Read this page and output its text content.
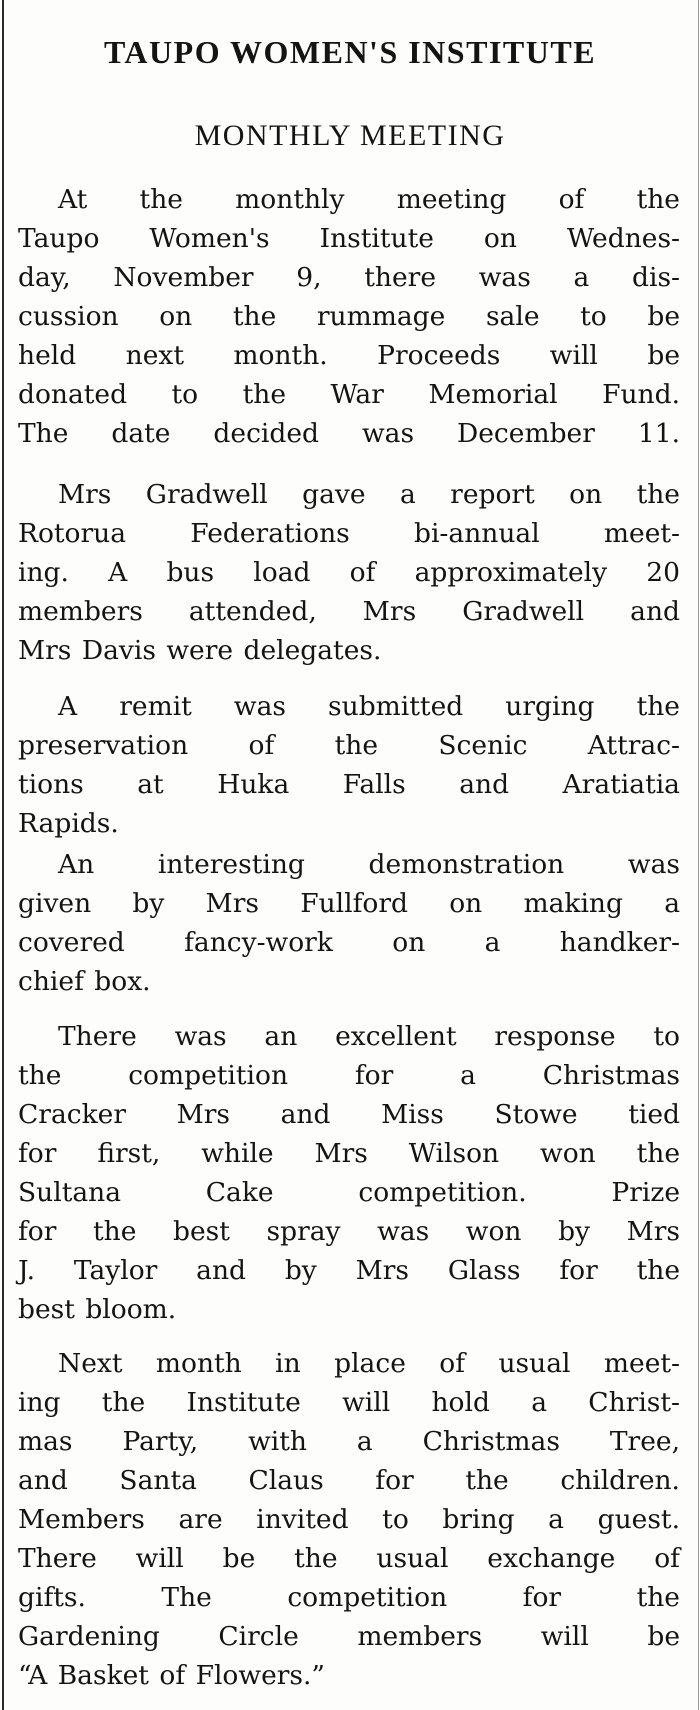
TAUPO WOMEN'S INSTITUTE
MONTHLY MEETING

At the monthly meeting of the
Taupo Women's Institute on Wednes-
day, November 9, there was a dis-
cussion on the rummage sale to be
held next month. Proceeds will be
donated to the War Memorial Fund.
The date decided was December 11.

Mrs Gradwell gave a report on the
Rotorua Federations bi-annual meet-
ing. A bus load of approximately 20
members attended, Mrs Gradwell and
Mrs Davis were delegates.

A remit was submitted urging the
preservation of the Scenic Attrac-
tions at Huka Falls and Aratiatia
Rapids.

An interesting demonstration was
given by Mrs Fullford on making a
covered fancy-work on a handker-
chief box.

There was an excellent response to
the competition for a Christmas
Cracker Mrs and Miss Stowe tied
for first, while Mrs Wilson won the
Sultana Cake competition. Prize
for the best spray was won by Mrs
J. Taylor and by Mrs Glass for the
best bloom.

Next month in place of usual meet-
ing the Institute will hold a Christ-
mas Party, with a Christmas Tree,
and Santa Claus for the children.
Members are invited to bring a guest.
There will be the usual exchange of
gifts. The competition for the
Gardening Circle members will be
“A Basket of Flowers.”
